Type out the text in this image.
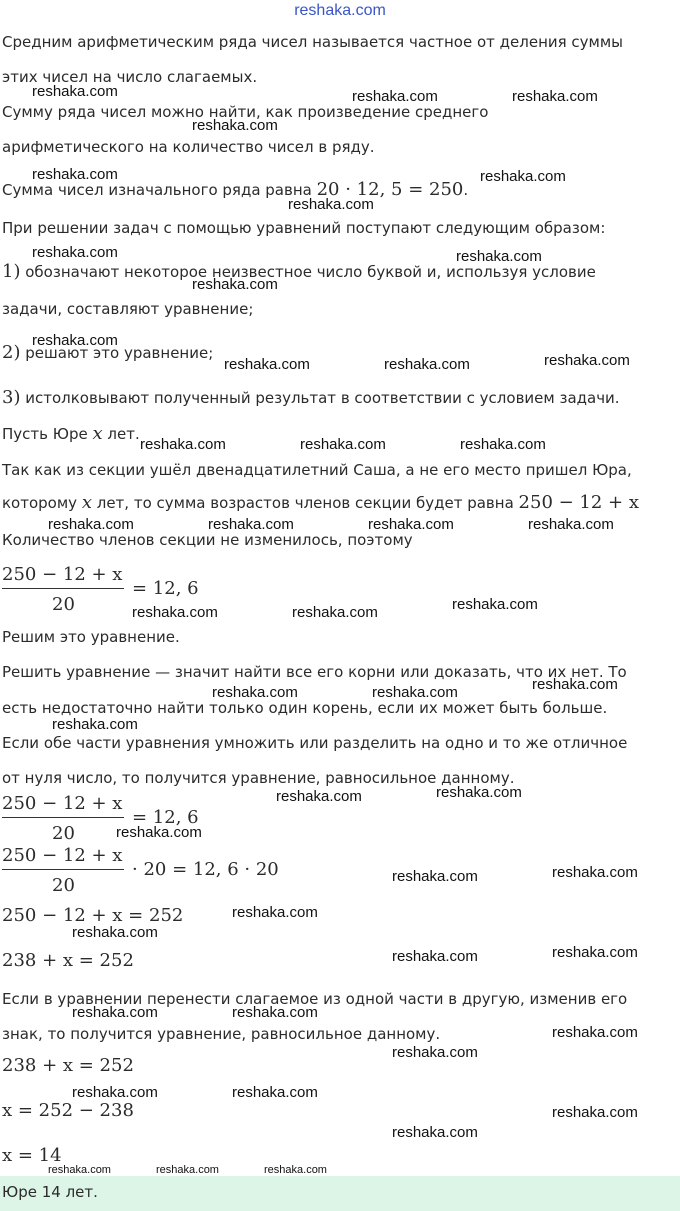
reshaka.com
Средним арифметическим ряда чисел называется частное от деления суммы
этих чисел на число слагаемых.
Сумму ряда чисел можно найти, как произведение среднего
арифметического на количество чисел в ряду.
Сумма чисел изначального ряда равна 20 · 12, 5 = 250.
При решении задач с помощью уравнений поступают следующим образом:
1) обозначают некоторое неизвестное число буквой и, используя условие
задачи, составляют уравнение;
2) решают это уравнение;
3) истолковывают полученный результат в соответствии с условием задачи.
Пусть Юре x лет.
Так как из секции ушёл двенадцатилетний Саша, а не его место пришел Юра,
которому x лет, то сумма возрастов членов секции будет равна 250 − 12 + x
Количество членов секции не изменилось, поэтому
250 − 12 + x
20
= 12, 6
Решим это уравнение.
Решить уравнение — значит найти все его корни или доказать, что их нет. То
есть недостаточно найти только один корень, если их может быть больше.
Если обе части уравнения умножить или разделить на одно и то же отличное
от нуля число, то получится уравнение, равносильное данному.
250 − 12 + x
20
= 12, 6
250 − 12 + x
20
· 20 = 12, 6 · 20
250 − 12 + x = 252
238 + x = 252
Если в уравнении перенести слагаемое из одной части в другую, изменив его
знак, то получится уравнение, равносильное данному.
238 + x = 252
x = 252 − 238
x = 14
Юре 14 лет.
reshaka.com	reshaka.com	reshaka.com
reshaka.com
reshaka.com	reshaka.com
reshaka.com
reshaka.com	reshaka.com
reshaka.com
reshaka.com
reshaka.com
reshaka.com	reshaka.com
reshaka.com	reshaka.com	reshaka.com
reshaka.com	reshaka.com	reshaka.com	reshaka.com
reshaka.com
reshaka.com	reshaka.com
reshaka.com
reshaka.com	reshaka.com
reshaka.com
reshaka.com
reshaka.com
reshaka.com
reshaka.com
reshaka.com
reshaka.com
reshaka.com
reshaka.com
reshaka.com
reshaka.com	reshaka.com
reshaka.com
reshaka.com
reshaka.com	reshaka.com
reshaka.com
reshaka.com
reshaka.com	reshaka.com	reshaka.com
